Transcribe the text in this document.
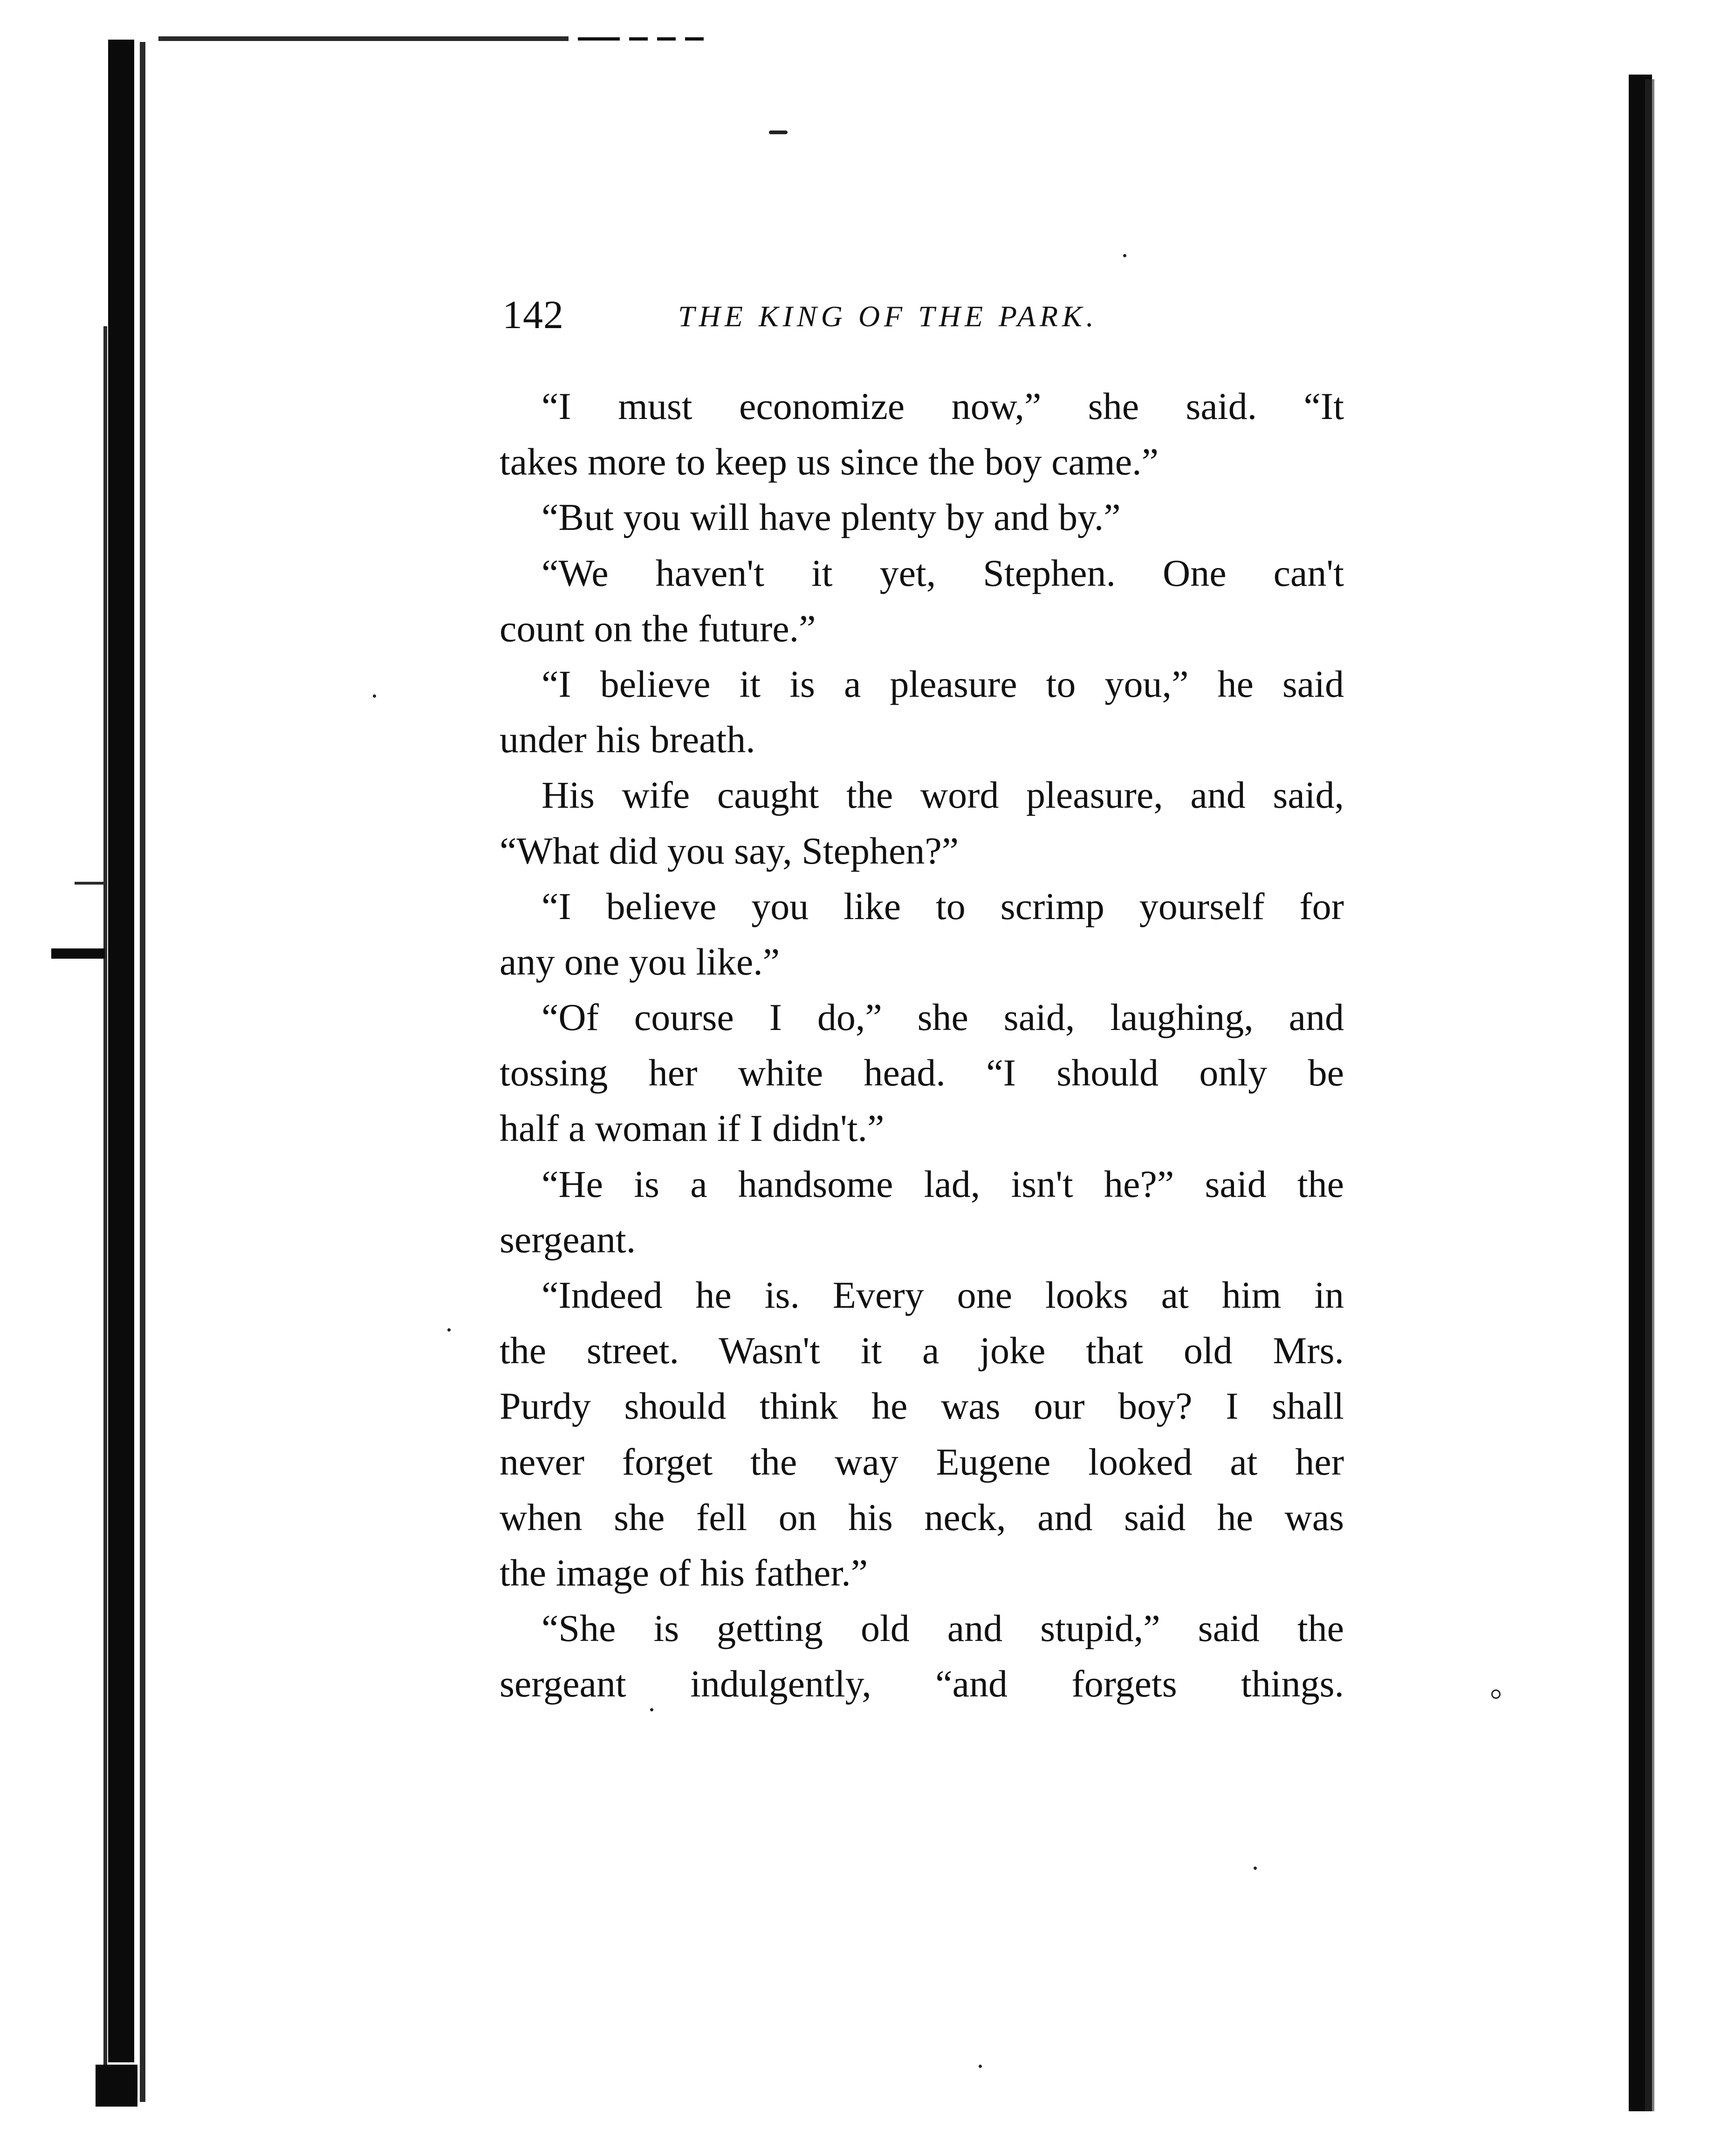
142	THE KING OF THE PARK.
“I must economize now,” she said. “It
takes more to keep us since the boy came.”
“But you will have plenty by and by.”
“We haven't it yet, Stephen. One can't
count on the future.”
“I believe it is a pleasure to you,” he said
under his breath.
His wife caught the word pleasure, and said,
“What did you say, Stephen?”
“I believe you like to scrimp yourself for
any one you like.”
“Of course I do,” she said, laughing, and
tossing her white head. “I should only be
half a woman if I didn't.”
“He is a handsome lad, isn't he?” said the
sergeant.
“Indeed he is. Every one looks at him in
the street. Wasn't it a joke that old Mrs.
Purdy should think he was our boy? I shall
never forget the way Eugene looked at her
when she fell on his neck, and said he was
the image of his father.”
“She is getting old and stupid,” said the
sergeant indulgently, “and forgets things.
